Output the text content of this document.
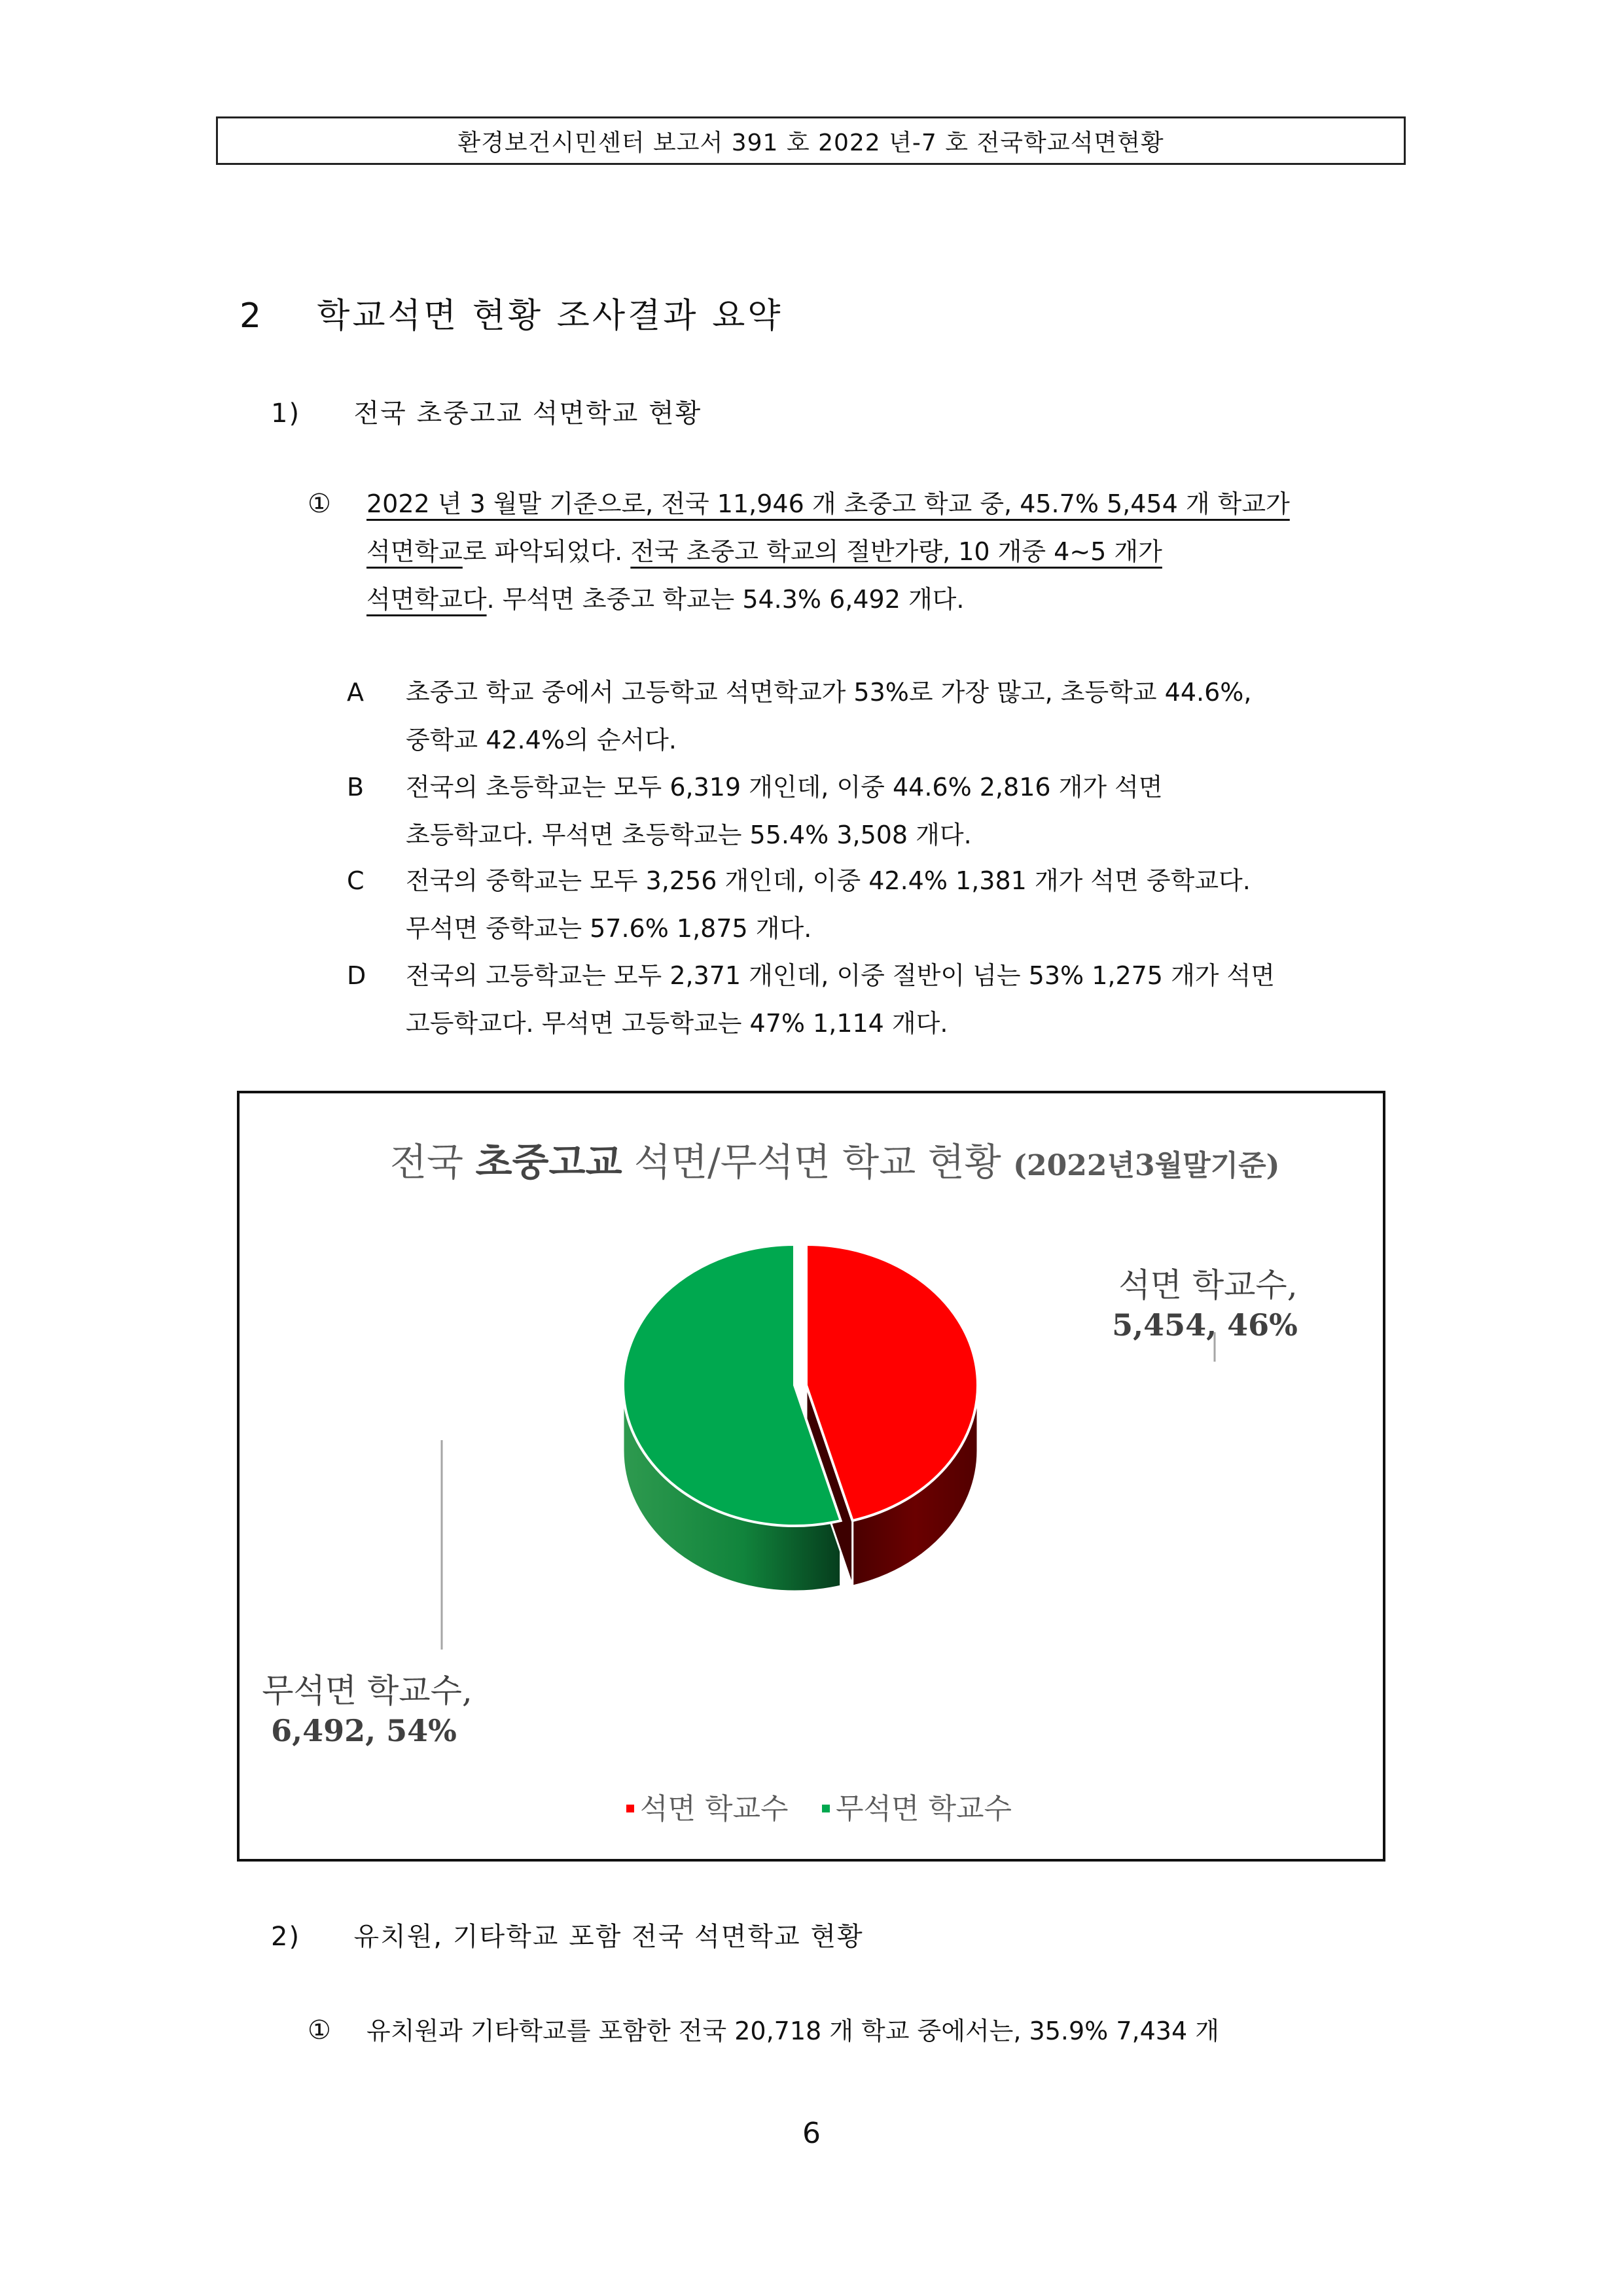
환경보건시민센터 보고서 391 호 2022 년-7 호 전국학교석면현황
2 학교석면 현황 조사결과 요약
1) 전국 초중고교 석면학교 현황
① 2022 년 3 월말 기준으로, 전국 11,946 개 초중고 학교 중, 45.7% 5,454 개 학교가
석면학교로 파악되었다. 전국 초중고 학교의 절반가량, 10 개중 4~5 개가
석면학교다. 무석면 초중고 학교는 54.3% 6,492 개다.
A 초중고 학교 중에서 고등학교 석면학교가 53%로 가장 많고, 초등학교 44.6%,
중학교 42.4%의 순서다.
B 전국의 초등학교는 모두 6,319 개인데, 이중 44.6% 2,816 개가 석면
초등학교다. 무석면 초등학교는 55.4% 3,508 개다.
C 전국의 중학교는 모두 3,256 개인데, 이중 42.4% 1,381 개가 석면 중학교다.
무석면 중학교는 57.6% 1,875 개다.
D 전국의 고등학교는 모두 2,371 개인데, 이중 절반이 넘는 53% 1,275 개가 석면
고등학교다. 무석면 고등학교는 47% 1,114 개다.
전국 초중고교 석면/무석면 학교 현황 (2022년3월말기준)
석면 학교수,
5,454, 46%
무석면 학교수,
6,492, 54%
석면 학교수 무석면 학교수
2) 유치원, 기타학교 포함 전국 석면학교 현황
① 유치원과 기타학교를 포함한 전국 20,718 개 학교 중에서는, 35.9% 7,434 개
6
